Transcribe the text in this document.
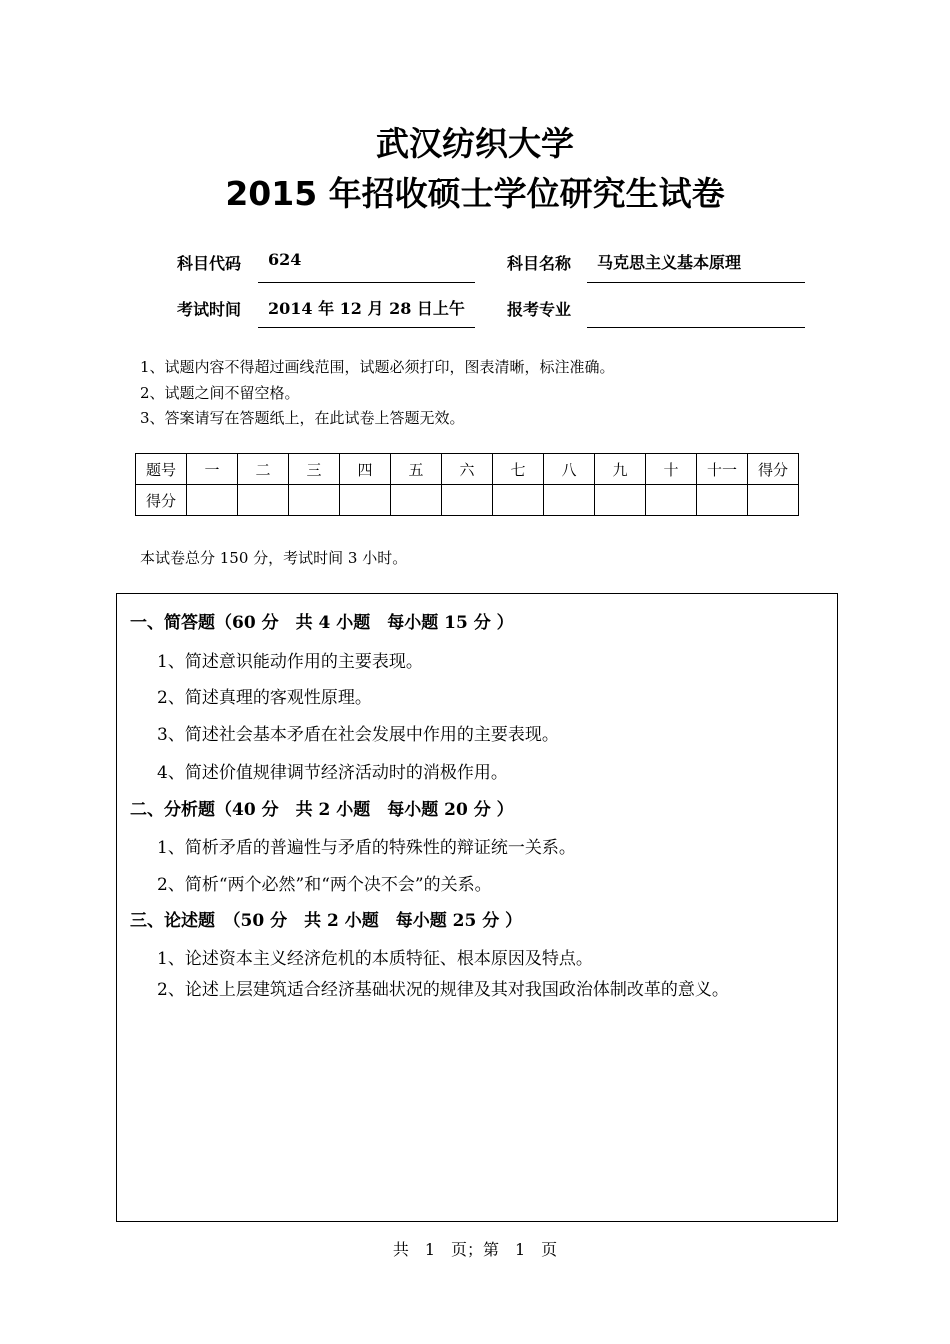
武汉纺织大学
2015 年招收硕士学位研究生试卷
科目代码	624	科目名称	马克思主义基本原理
考试时间	2014 年 12 月 28 日上午	报考专业
1、试题内容不得超过画线范围，试题必须打印，图表清晰，标注准确。
2、试题之间不留空格。
3、答案请写在答题纸上，在此试卷上答题无效。
题号	一	二	三	四	五	六	七	八	九	十	十一	得分
得分												
本试卷总分 150 分，考试时间 3 小时。
一、简答题（60 分　共 4 小题　每小题 15 分 ）
1、简述意识能动作用的主要表现。
2、简述真理的客观性原理。
3、简述社会基本矛盾在社会发展中作用的主要表现。
4、简述价值规律调节经济活动时的消极作用。
二、分析题（40 分　共 2 小题　每小题 20 分 ）
1、简析矛盾的普遍性与矛盾的特殊性的辩证统一关系。
2、简析“两个必然”和“两个决不会”的关系。
三、论述题　（50 分　共 2 小题　每小题 25 分 ）
1、论述资本主义经济危机的本质特征、根本原因及特点。
2、论述上层建筑适合经济基础状况的规律及其对我国政治体制改革的意义。
共　1　页；第　1　页
